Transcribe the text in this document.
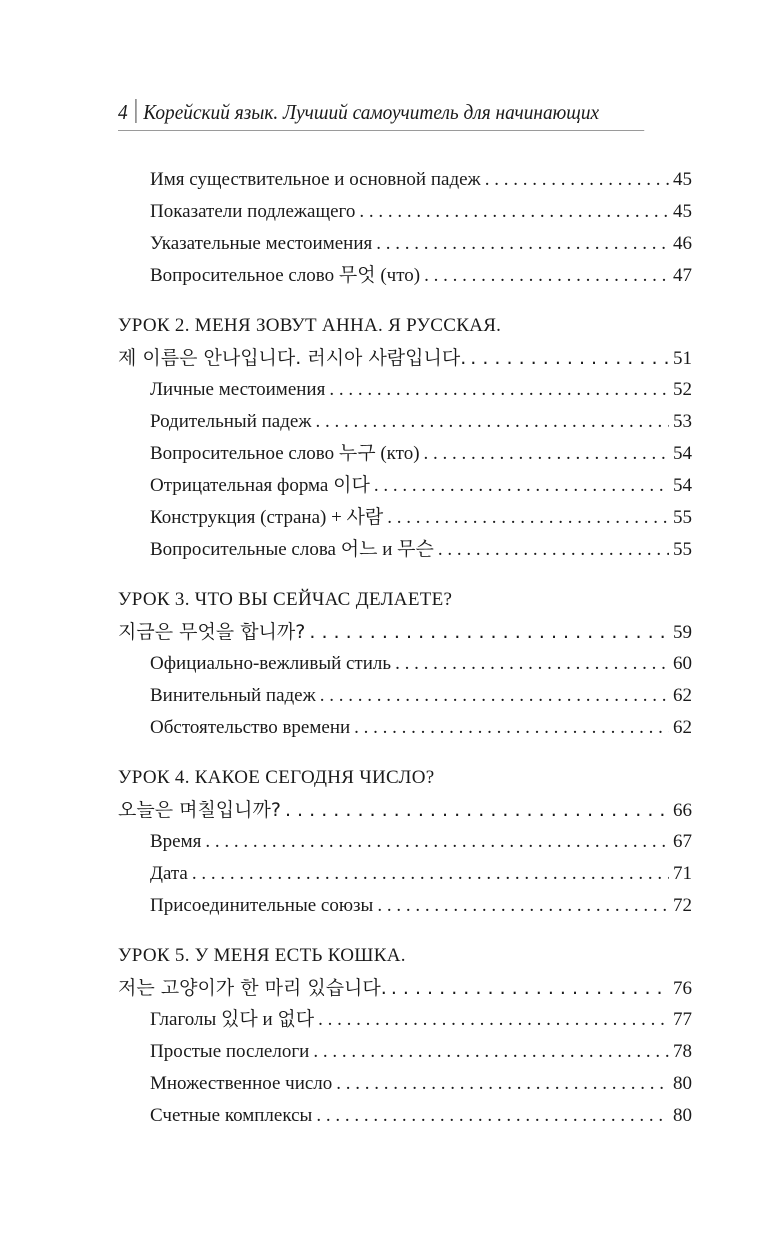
4 Корейский язык. Лучший самоучитель для начинающих
Имя существительное и основной падеж . . .	45
Показатели подлежащего . . .	45
Указательные местоимения . . .	46
Вопросительное слово 무엇 (что) . . .	47
УРОК 2. МЕНЯ ЗОВУТ АННА. Я РУССКАЯ.
제 이름은 안나입니다. 러시아 사람입니다. . . .	51
Личные местоимения . . .	52
Родительный падеж . . .	53
Вопросительное слово 누구 (кто) . . .	54
Отрицательная форма 이다 . . .	54
Конструкция (страна) + 사람 . . .	55
Вопросительные слова 어느 и 무슨 . . .	55
УРОК 3. ЧТО ВЫ СЕЙЧАС ДЕЛАЕТЕ?
지금은 무엇을 합니까? . . .	59
Официально-вежливый стиль . . .	60
Винительный падеж . . .	62
Обстоятельство времени . . .	62
УРОК 4. КАКОЕ СЕГОДНЯ ЧИСЛО?
오늘은 며칠입니까? . . .	66
Время . . .	67
Дата . . .	71
Присоединительные союзы . . .	72
УРОК 5. У МЕНЯ ЕСТЬ КОШКА.
저는 고양이가 한 마리 있습니다. . . .	76
Глаголы 있다 и 없다 . . .	77
Простые послелоги . . .	78
Множественное число . . .	80
Счетные комплексы . . .	80
